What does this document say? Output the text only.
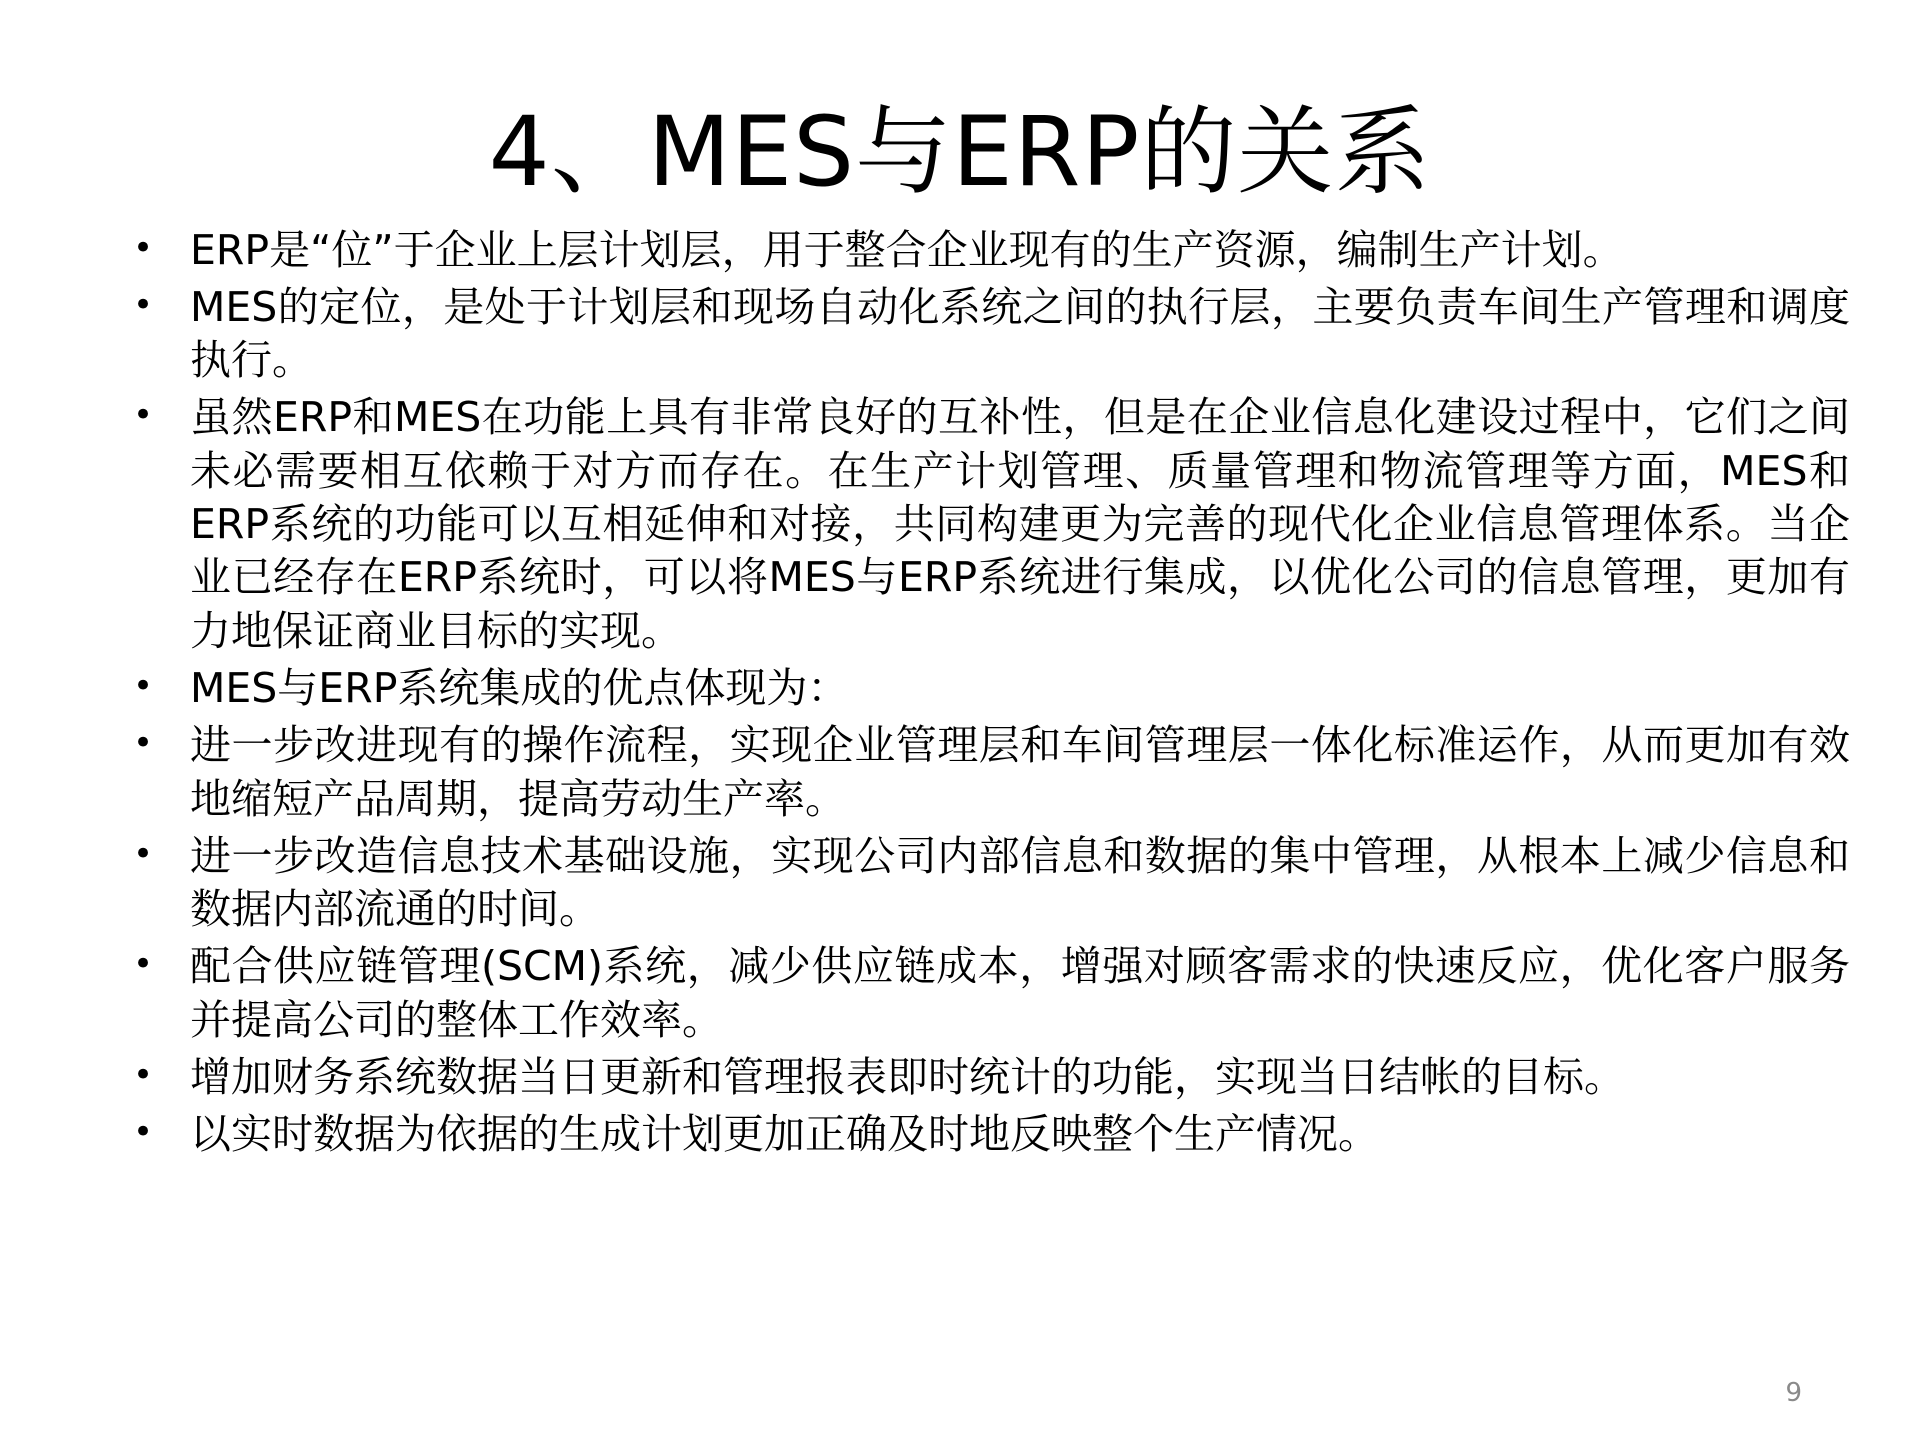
4、MES与ERP的关系
• ERP是“位”于企业上层计划层，用于整合企业现有的生产资源，编制生产计划。
• MES的定位，是处于计划层和现场自动化系统之间的执行层，主要负责车间生产管理和调度执行。
• 虽然ERP和MES在功能上具有非常良好的互补性，但是在企业信息化建设过程中，它们之间未必需要相互依赖于对方而存在。在生产计划管理、质量管理和物流管理等方面，MES和ERP系统的功能可以互相延伸和对接，共同构建更为完善的现代化企业信息管理体系。当企业已经存在ERP系统时，可以将MES与ERP系统进行集成，以优化公司的信息管理，更加有力地保证商业目标的实现。
• MES与ERP系统集成的优点体现为：
• 进一步改进现有的操作流程，实现企业管理层和车间管理层一体化标准运作，从而更加有效地缩短产品周期，提高劳动生产率。
• 进一步改造信息技术基础设施，实现公司内部信息和数据的集中管理，从根本上减少信息和数据内部流通的时间。
• 配合供应链管理(SCM)系统，减少供应链成本，增强对顾客需求的快速反应，优化客户服务并提高公司的整体工作效率。
• 增加财务系统数据当日更新和管理报表即时统计的功能，实现当日结帐的目标。
• 以实时数据为依据的生成计划更加正确及时地反映整个生产情况。
9
